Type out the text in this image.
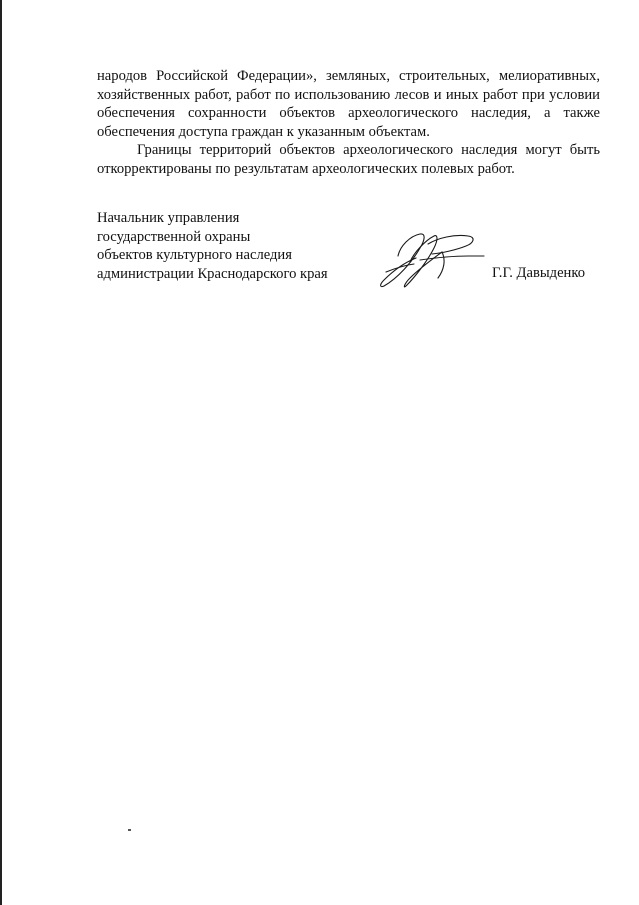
народов Российской Федерации», земляных, строительных, мелиоративных, хозяйственных работ, работ по использованию лесов и иных работ при условии обеспечения сохранности объектов археологического наследия, а также обеспечения доступа граждан к указанным объектам.

Границы территорий объектов археологического наследия могут быть откорректированы по результатам археологических полевых работ.

Начальник управления
государственной охраны
объектов культурного наследия
администрации Краснодарского края	Г.Г. Давыденко
